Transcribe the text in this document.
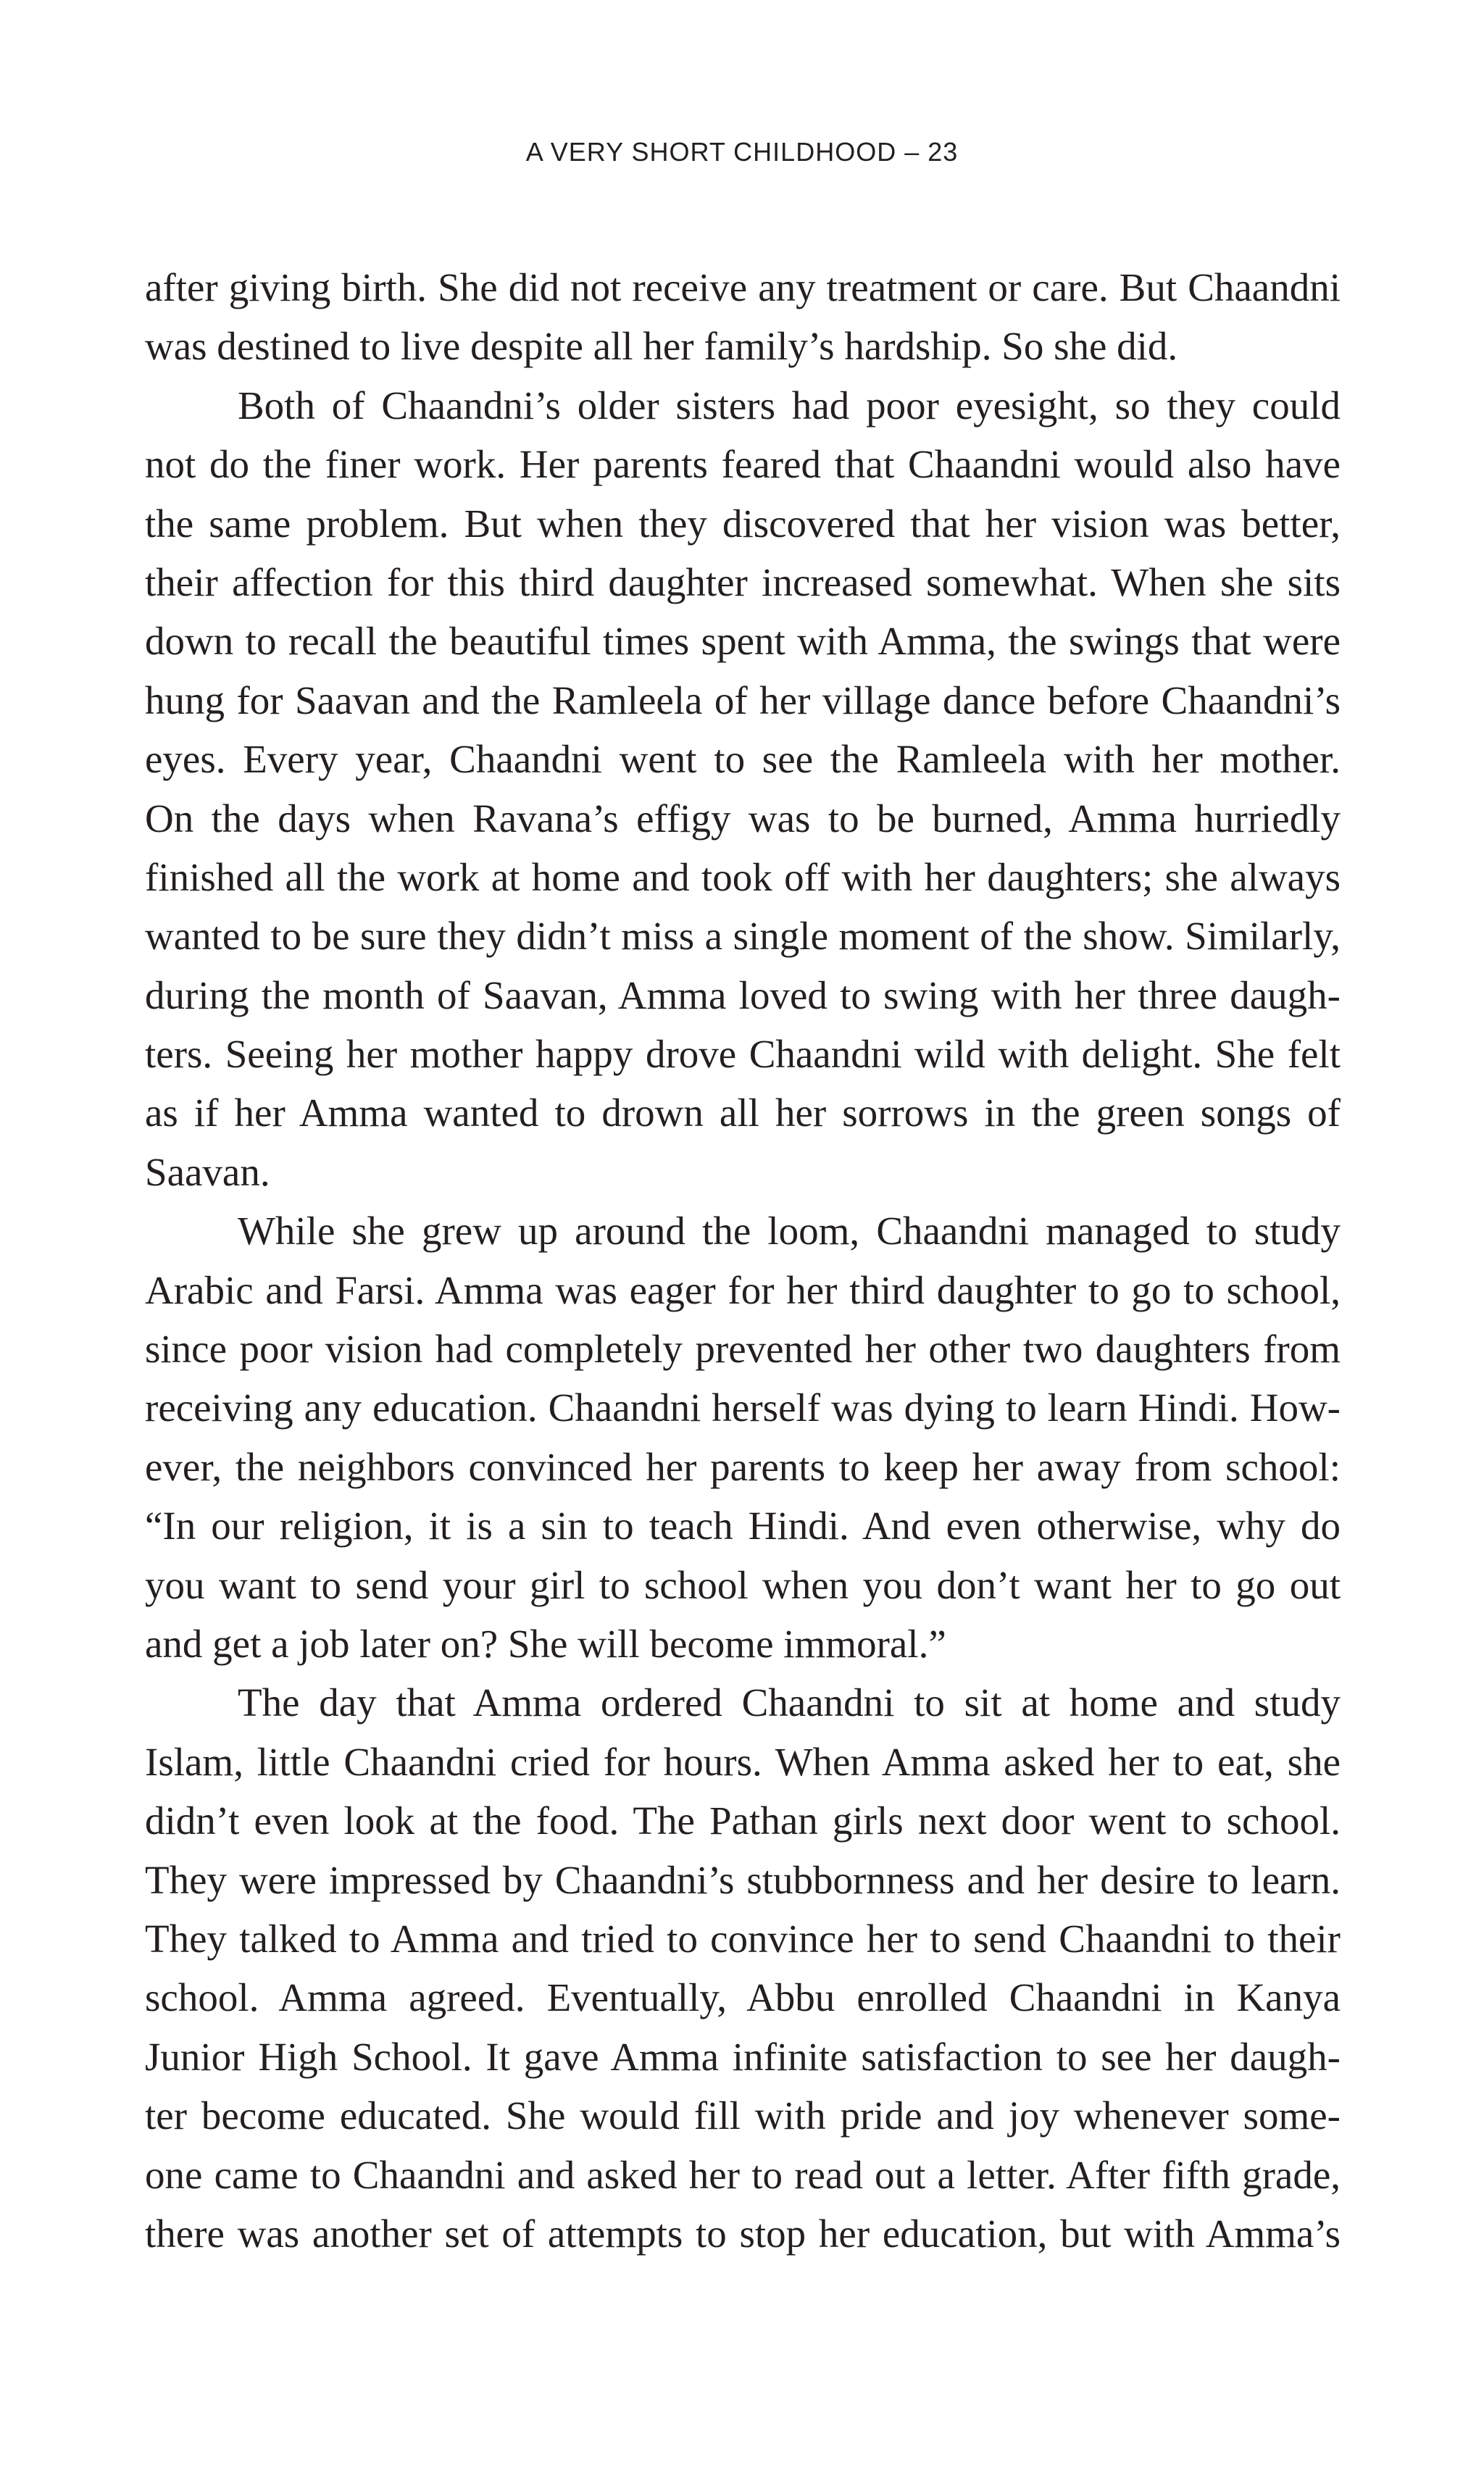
A VERY SHORT CHILDHOOD – 23
after giving birth. She did not receive any treatment or care. But Chaandni
was destined to live despite all her family’s hardship. So she did.
Both of Chaandni’s older sisters had poor eyesight, so they could
not do the finer work. Her parents feared that Chaandni would also have
the same problem. But when they discovered that her vision was better,
their affection for this third daughter increased somewhat. When she sits
down to recall the beautiful times spent with Amma, the swings that were
hung for Saavan and the Ramleela of her village dance before Chaandni’s
eyes. Every year, Chaandni went to see the Ramleela with her mother.
On the days when Ravana’s effigy was to be burned, Amma hurriedly
finished all the work at home and took off with her daughters; she always
wanted to be sure they didn’t miss a single moment of the show. Similarly,
during the month of Saavan, Amma loved to swing with her three daugh-
ters. Seeing her mother happy drove Chaandni wild with delight. She felt
as if her Amma wanted to drown all her sorrows in the green songs of
Saavan.
While she grew up around the loom, Chaandni managed to study
Arabic and Farsi. Amma was eager for her third daughter to go to school,
since poor vision had completely prevented her other two daughters from
receiving any education. Chaandni herself was dying to learn Hindi. How-
ever, the neighbors convinced her parents to keep her away from school:
“In our religion, it is a sin to teach Hindi. And even otherwise, why do
you want to send your girl to school when you don’t want her to go out
and get a job later on? She will become immoral.”
The day that Amma ordered Chaandni to sit at home and study
Islam, little Chaandni cried for hours. When Amma asked her to eat, she
didn’t even look at the food. The Pathan girls next door went to school.
They were impressed by Chaandni’s stubbornness and her desire to learn.
They talked to Amma and tried to convince her to send Chaandni to their
school. Amma agreed. Eventually, Abbu enrolled Chaandni in Kanya
Junior High School. It gave Amma infinite satisfaction to see her daugh-
ter become educated. She would fill with pride and joy whenever some-
one came to Chaandni and asked her to read out a letter. After fifth grade,
there was another set of attempts to stop her education, but with Amma’s
